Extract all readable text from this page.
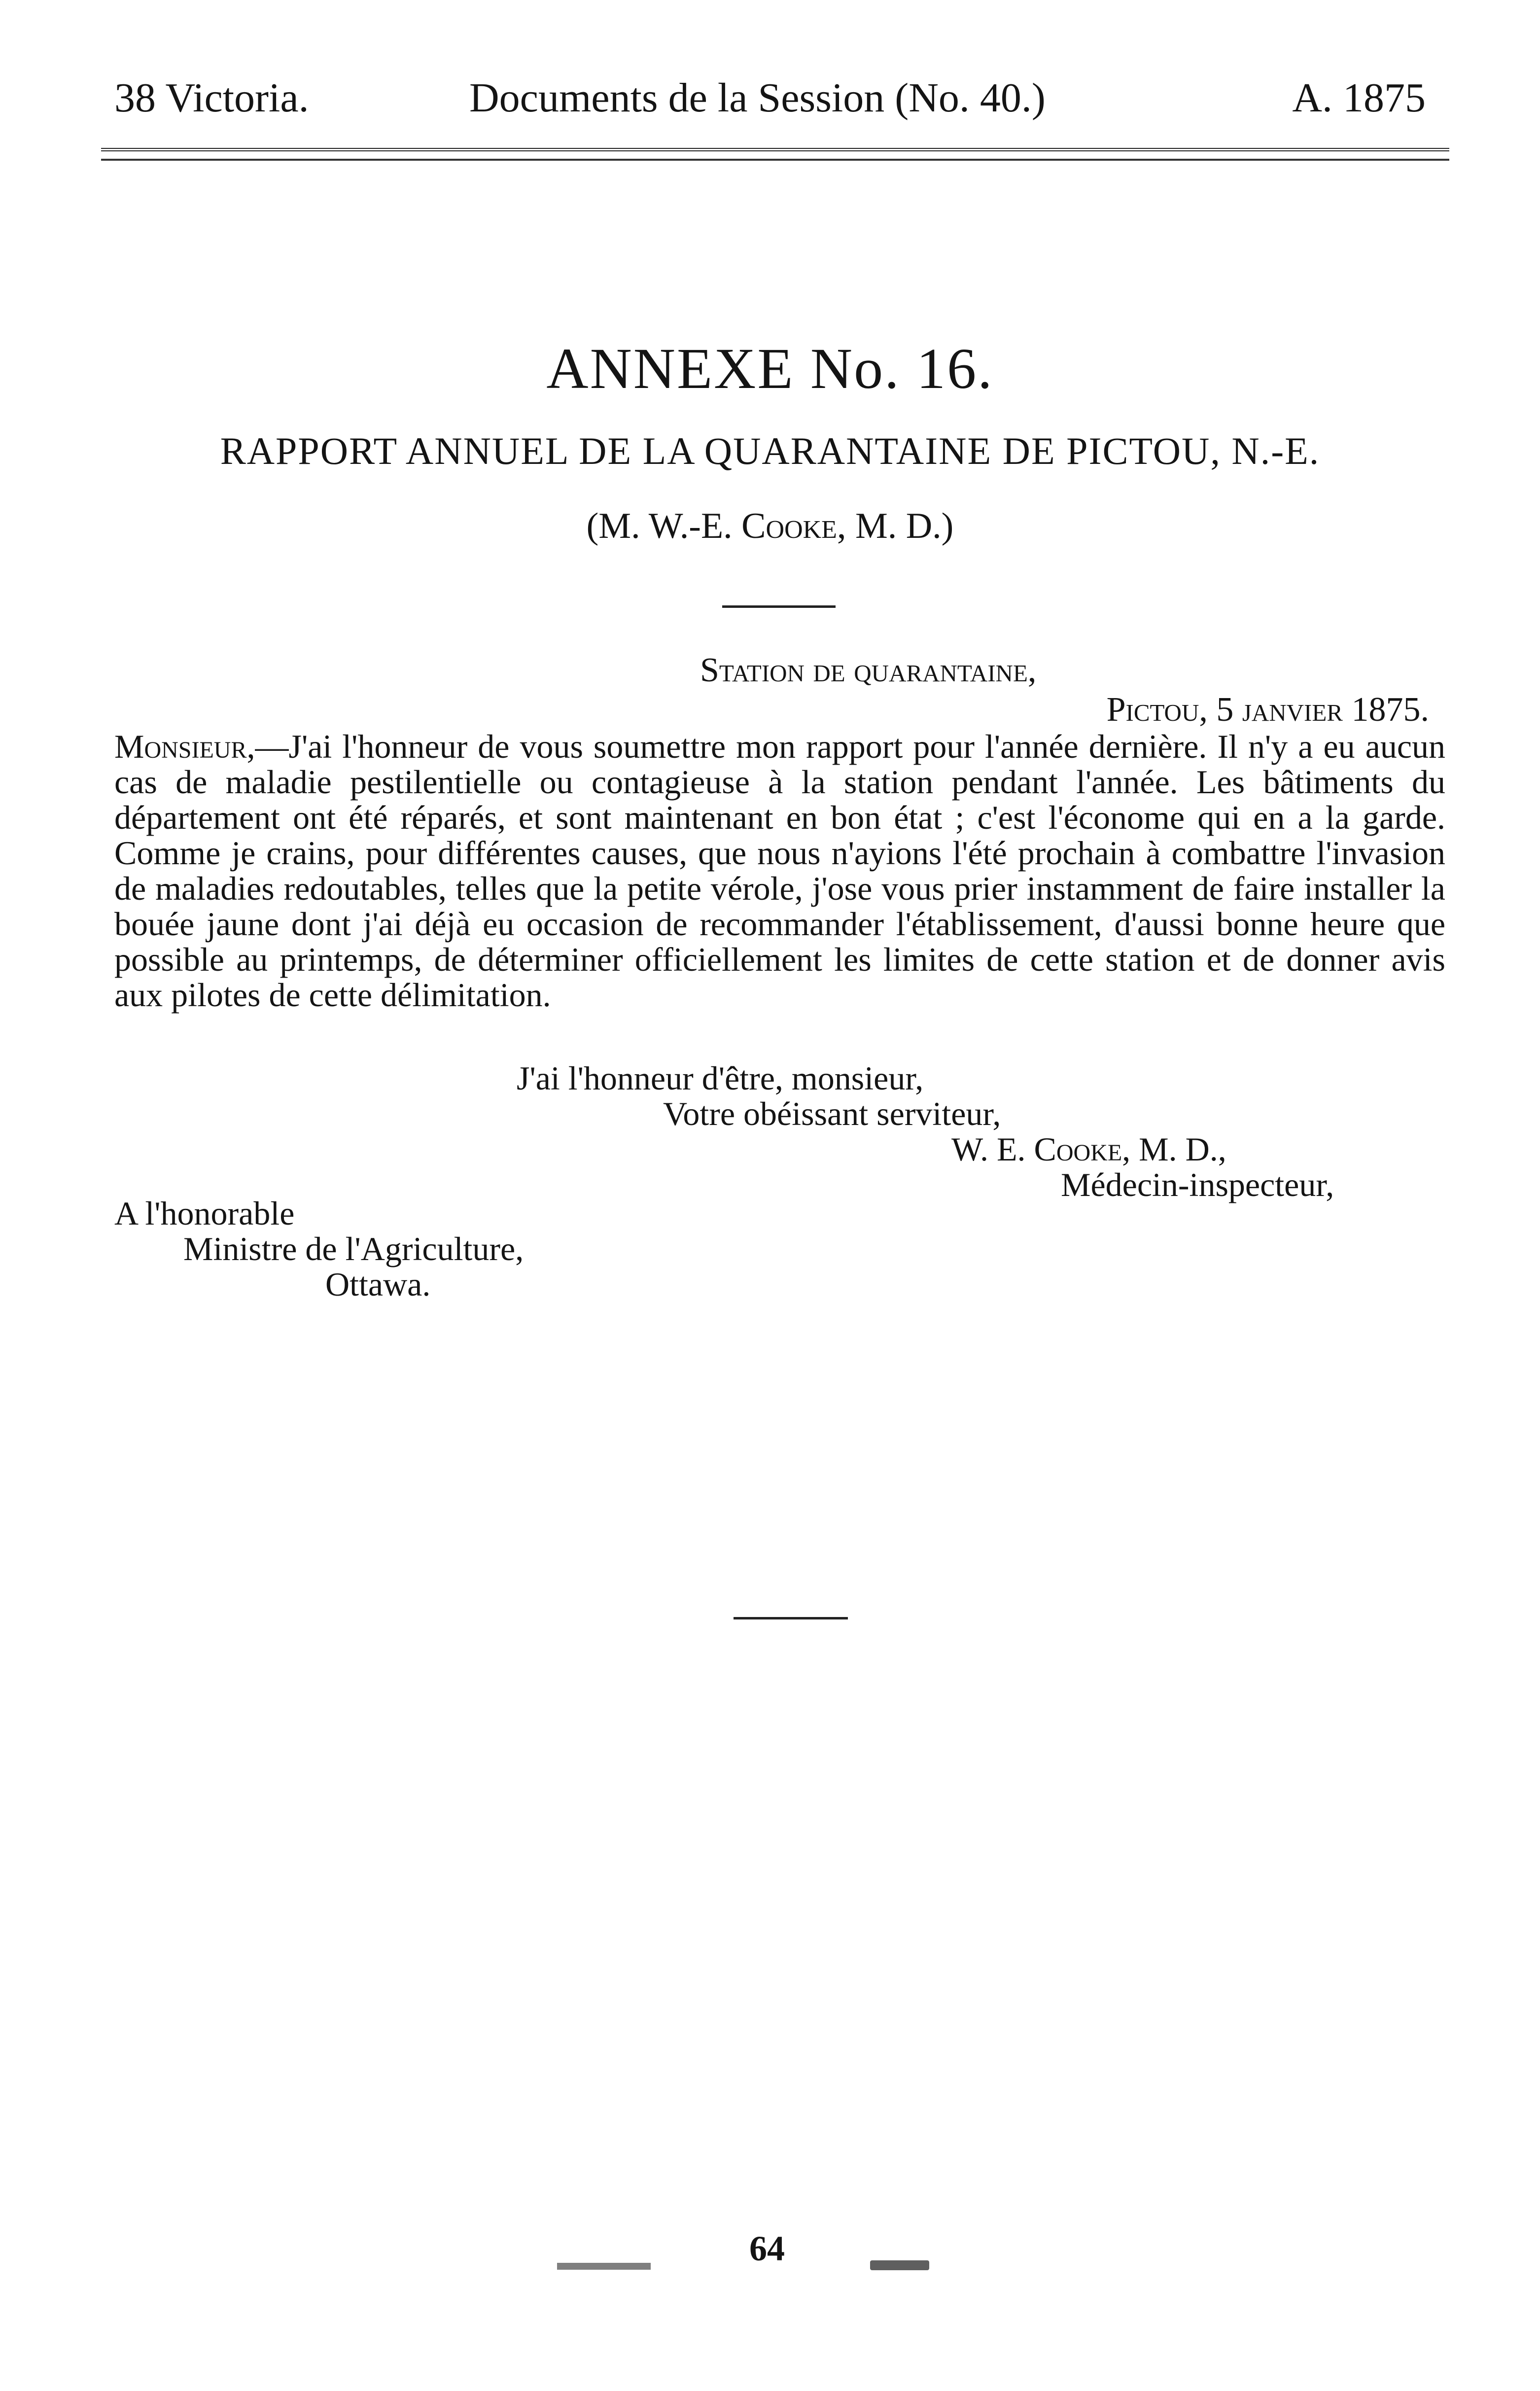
38 Victoria.	Documents de la Session (No. 40.)	A. 1875
ANNEXE No. 16.
RAPPORT ANNUEL DE LA QUARANTAINE DE PICTOU, N.-E.
(M. W.-E. Cooke, M. D.)
Station de quarantaine,
Pictou, 5 janvier 1875.

Monsieur,—J'ai l'honneur de vous soumettre mon rapport pour l'année dernière. Il n'y a eu aucun cas de maladie pestilentielle ou contagieuse à la station pendant l'année. Les bâtiments du département ont été réparés, et sont maintenant en bon état ; c'est l'économe qui en a la garde. Comme je crains, pour différentes causes, que nous n'ayions l'été prochain à combattre l'invasion de maladies redoutables, telles que la petite vérole, j'ose vous prier instamment de faire installer la bouée jaune dont j'ai déjà eu occasion de recommander l'établissement, d'aussi bonne heure que possible au printemps, de déterminer officiellement les limites de cette station et de donner avis aux pilotes de cette délimitation.

J'ai l'honneur d'être, monsieur,
Votre obéissant serviteur,
W. E. Cooke, M. D.,
Médecin-inspecteur,
A l'honorable
Ministre de l'Agriculture,
Ottawa.
64
